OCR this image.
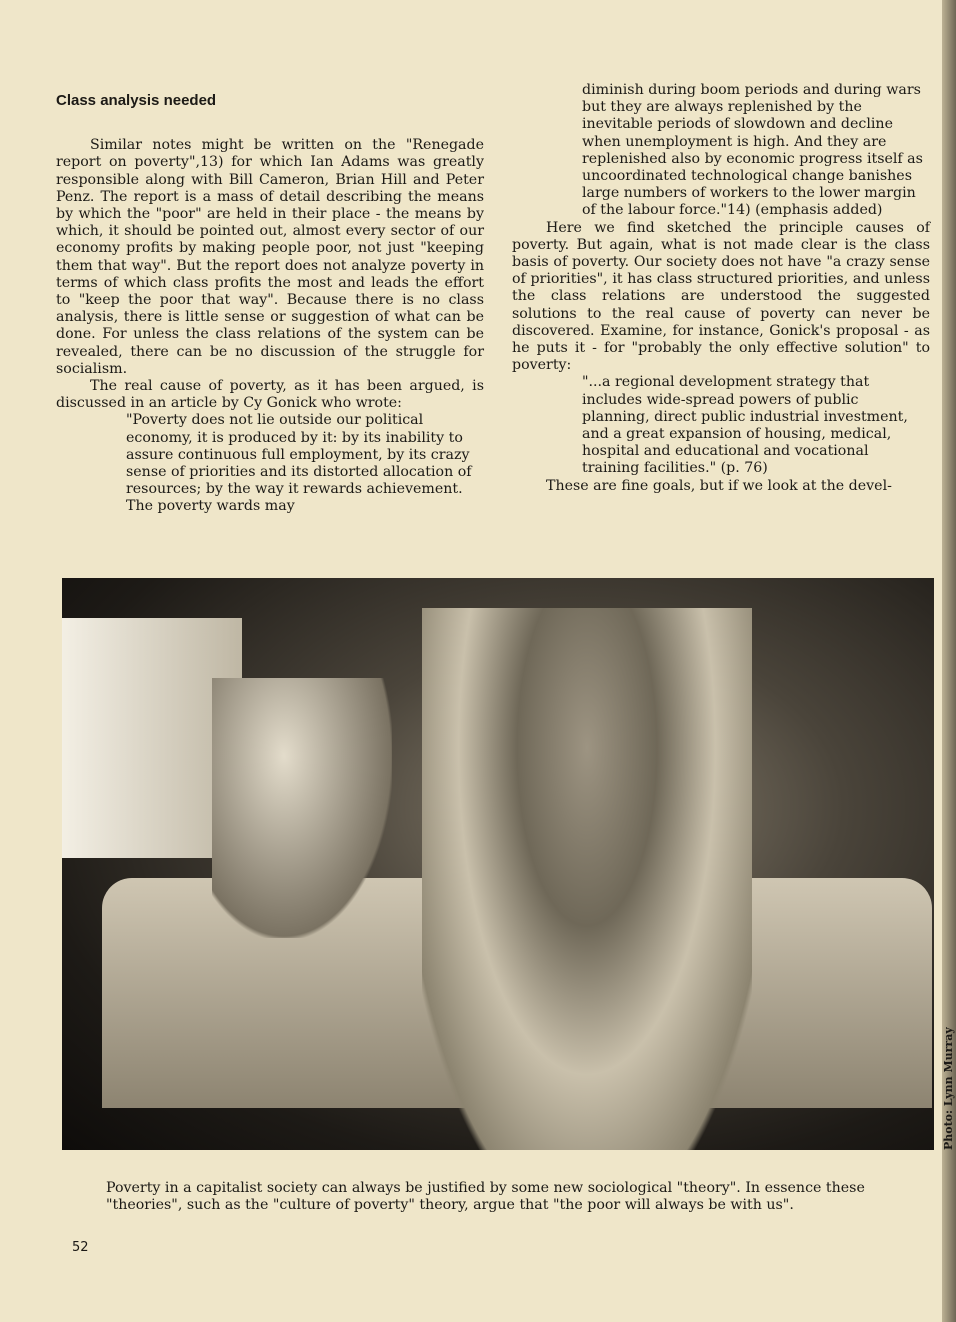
Class analysis needed

Similar notes might be written on the "Renegade report on poverty",13) for which Ian Adams was greatly responsible along with Bill Cameron, Brian Hill and Peter Penz. The report is a mass of detail describing the means by which the "poor" are held in their place - the means by which, it should be pointed out, almost every sector of our economy profits by making people poor, not just "keeping them that way". But the report does not analyze poverty in terms of which class profits the most and leads the effort to "keep the poor that way". Because there is no class analysis, there is little sense or suggestion of what can be done. For unless the class relations of the system can be revealed, there can be no discussion of the struggle for socialism.

The real cause of poverty, as it has been argued, is discussed in an article by Cy Gonick who wrote:

"Poverty does not lie outside our political economy, it is produced by it: by its inability to assure continuous full employment, by its crazy sense of priorities and its distorted allocation of resources; by the way it rewards achievement. The poverty wards may

diminish during boom periods and during wars but they are always replenished by the inevitable periods of slowdown and decline when unemployment is high. And they are replenished also by economic progress itself as uncoordinated technological change banishes large numbers of workers to the lower margin of the labour force."14) (emphasis added)

Here we find sketched the principle causes of poverty. But again, what is not made clear is the class basis of poverty. Our society does not have "a crazy sense of priorities", it has class structured priorities, and unless the class relations are understood the suggested solutions to the real cause of poverty can never be discovered. Examine, for instance, Gonick's proposal - as he puts it - for "probably the only effective solution" to poverty:

"...a regional development strategy that includes wide-spread powers of public planning, direct public industrial investment, and a great expansion of housing, medical, hospital and educational and vocational training facilities." (p. 76)

These are fine goals, but if we look at the devel-

Photo: Lynn Murray
Poverty in a capitalist society can always be justified by some new sociological "theory". In essence these "theories", such as the "culture of poverty" theory, argue that "the poor will always be with us".
52
